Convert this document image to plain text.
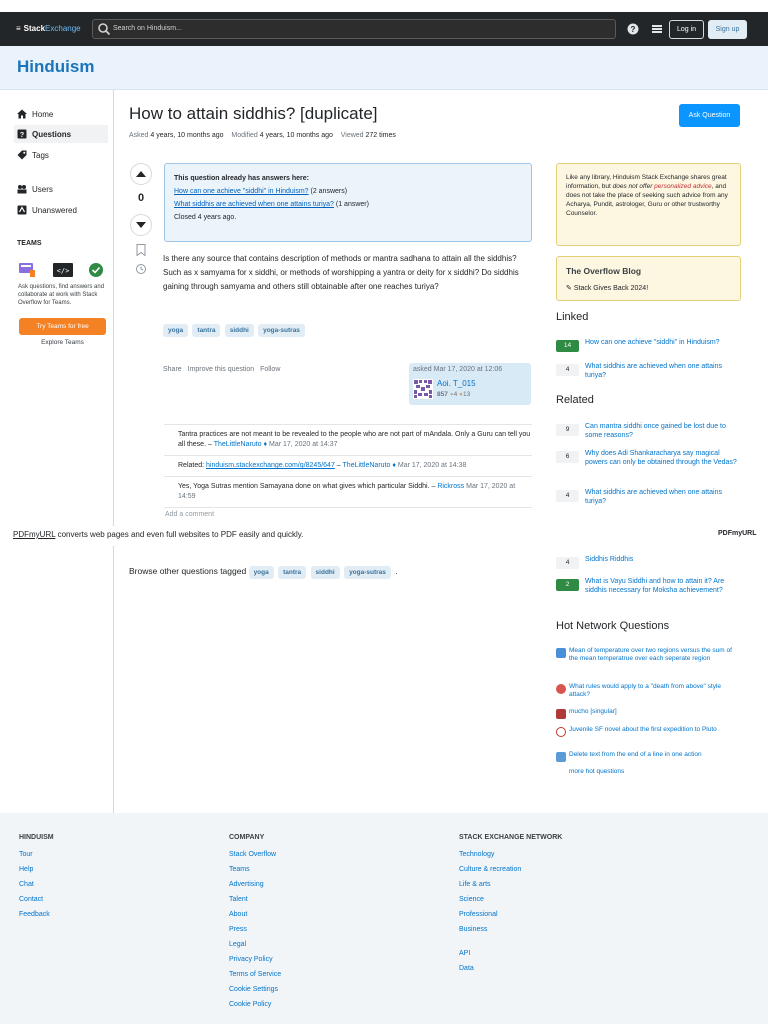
≡ StackExchange	Search on Hinduism...	?	Log in	Sign up
Hinduism
Home
? Questions
Tags
Users
Unanswered
TEAMS
</>
Ask questions, find answers and collaborate at work with Stack Overflow for Teams.
Try Teams for free
Explore Teams
How to attain siddhis? [duplicate]
Asked 4 years, 10 months ago Modified 4 years, 10 months ago Viewed 272 times
Ask Question
0
This question already has answers here:
How can one achieve "siddhi" in Hinduism? (2 answers)
What siddhis are achieved when one attains turiya? (1 answer)
Closed 4 years ago.
Is there any source that contains description of methods or mantra sadhana to attain all the siddhis? Such as x samyama for x siddhi, or methods of worshipping a yantra or deity for x siddhi? Do siddhis gaining through samyama and others still obtainable after one reaches turiya?
yoga tantra siddhi yoga-sutras
Share Improve this question Follow	asked Mar 17, 2020 at 12:06
Aoi. T_015
857 ●4 ●13
Tantra practices are not meant to be revealed to the people who are not part of mAndala. Only a Guru can tell you all these. – TheLittleNaruto ♦ Mar 17, 2020 at 14:37
Related: hinduism.stackexchange.com/q/8245/647 – TheLittleNaruto ♦ Mar 17, 2020 at 14:38
Yes, Yoga Sutras mention Samayana done on what gives which particular Siddhi. – Rickross Mar 17, 2020 at 14:59
Add a comment
PDFmyURL converts web pages and even full websites to PDF easily and quickly.	PDFmyURL
Browse other questions tagged yoga tantra siddhi yoga-sutras .
Like any library, Hinduism Stack Exchange shares great information, but does not offer personalized advice, and does not take the place of seeking such advice from any Acharya, Pundit, astrologer, Guru or other trustworthy Counselor.
The Overflow Blog
✎ Stack Gives Back 2024!
Linked
14	How can one achieve "siddhi" in Hinduism?
4	What siddhis are achieved when one attains turiya?
Related
9	Can mantra siddhi once gained be lost due to some reasons?
6	Why does Adi Shankaracharya say magical powers can only be obtained through the Vedas?
4	What siddhis are achieved when one attains turiya?
4	Siddhis Riddhis
2	What is Vayu Siddhi and how to attain it? Are siddhis necessary for Moksha achievement?
Hot Network Questions
Mean of temperature over two regions versus the sum of the mean temperatrue over each seperate region
What rules would apply to a "death from above" style attack?
mucho [singular]
Juvenile SF novel about the first expedition to Pluto
Delete text from the end of a line in one action
more hot questions
HINDUISM
Tour
Help
Chat
Contact
Feedback
COMPANY
Stack Overflow
Teams
Advertising
Talent
About
Press
Legal
Privacy Policy
Terms of Service
Cookie Settings
Cookie Policy
STACK EXCHANGE NETWORK
Technology
Culture & recreation
Life & arts
Science
Professional
Business
API
Data
